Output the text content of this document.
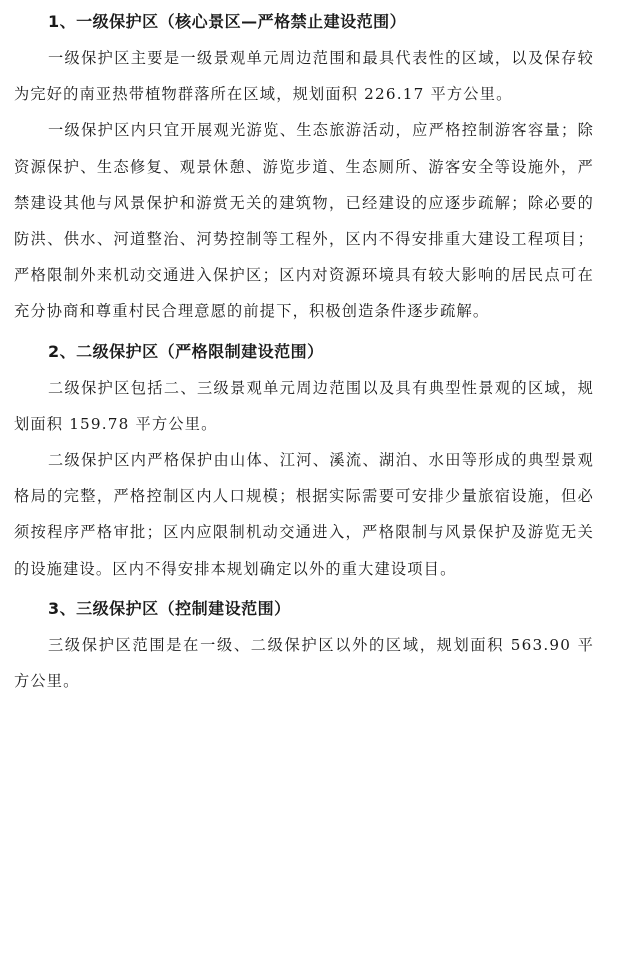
1、一级保护区（核心景区—严格禁止建设范围）

一级保护区主要是一级景观单元周边范围和最具代表性的区域，以及保存较为完好的南亚热带植物群落所在区域，规划面积 226.17 平方公里。

一级保护区内只宜开展观光游览、生态旅游活动，应严格控制游客容量；除资源保护、生态修复、观景休憩、游览步道、生态厕所、游客安全等设施外，严禁建设其他与风景保护和游赏无关的建筑物，已经建设的应逐步疏解；除必要的防洪、供水、河道整治、河势控制等工程外，区内不得安排重大建设工程项目；严格限制外来机动交通进入保护区；区内对资源环境具有较大影响的居民点可在充分协商和尊重村民合理意愿的前提下，积极创造条件逐步疏解。

2、二级保护区（严格限制建设范围）

二级保护区包括二、三级景观单元周边范围以及具有典型性景观的区域，规划面积 159.78 平方公里。

二级保护区内严格保护由山体、江河、溪流、湖泊、水田等形成的典型景观格局的完整，严格控制区内人口规模；根据实际需要可安排少量旅宿设施，但必须按程序严格审批；区内应限制机动交通进入，严格限制与风景保护及游览无关的设施建设。区内不得安排本规划确定以外的重大建设项目。

3、三级保护区（控制建设范围）

三级保护区范围是在一级、二级保护区以外的区域，规划面积 563.90 平方公里。
